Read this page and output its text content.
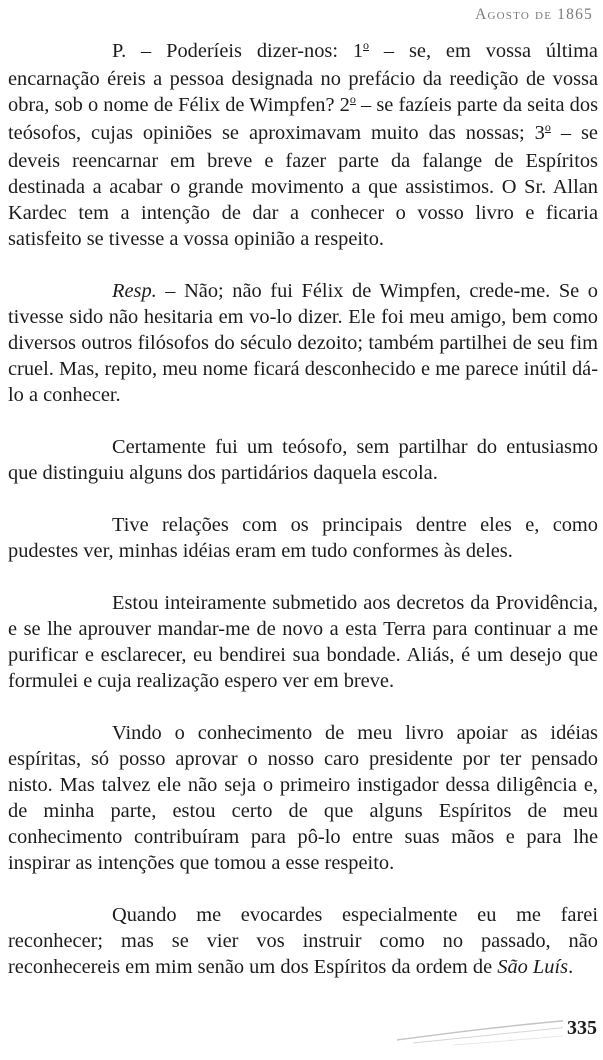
Agosto de 1865

P. – Poderíeis dizer-nos: 1$^o$ – se, em vossa última encarnação éreis a pessoa designada no prefácio da reedição de vossa obra, sob o nome de Félix de Wimpfen? 2$^o$ – se fazíeis parte da seita dos teósofos, cujas opiniões se aproximavam muito das nossas; 3$^o$ – se deveis reencarnar em breve e fazer parte da falange de Espíritos destinada a acabar o grande movimento a que assistimos. O Sr. Allan Kardec tem a intenção de dar a conhecer o vosso livro e ficaria satisfeito se tivesse a vossa opinião a respeito.

Resp. – Não; não fui Félix de Wimpfen, crede-me. Se o tivesse sido não hesitaria em vo-lo dizer. Ele foi meu amigo, bem como diversos outros filósofos do século dezoito; também partilhei de seu fim cruel. Mas, repito, meu nome ficará desconhecido e me parece inútil dá-lo a conhecer.

Certamente fui um teósofo, sem partilhar do entusiasmo que distinguiu alguns dos partidários daquela escola.

Tive relações com os principais dentre eles e, como pudestes ver, minhas idéias eram em tudo conformes às deles.

Estou inteiramente submetido aos decretos da Providência, e se lhe aprouver mandar-me de novo a esta Terra para continuar a me purificar e esclarecer, eu bendirei sua bondade. Aliás, é um desejo que formulei e cuja realização espero ver em breve.

Vindo o conhecimento de meu livro apoiar as idéias espíritas, só posso aprovar o nosso caro presidente por ter pensado nisto. Mas talvez ele não seja o primeiro instigador dessa diligência e, de minha parte, estou certo de que alguns Espíritos de meu conhecimento contribuíram para pô-lo entre suas mãos e para lhe inspirar as intenções que tomou a esse respeito.

Quando me evocardes especialmente eu me farei reconhecer; mas se vier vos instruir como no passado, não reconhecereis em mim senão um dos Espíritos da ordem de São Luís.

335
